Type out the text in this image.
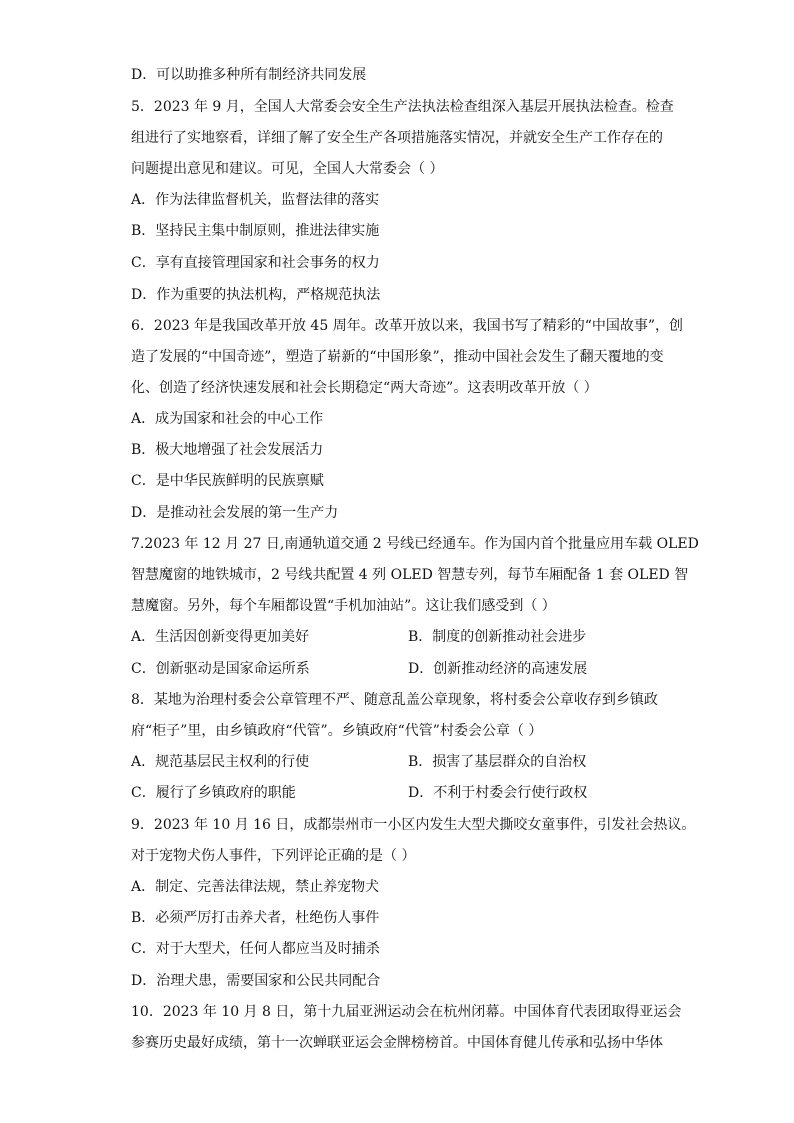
D．可以助推多种所有制经济共同发展
5．2023 年 9 月，全国人大常委会安全生产法执法检查组深入基层开展执法检查。检查
组进行了实地察看，详细了解了安全生产各项措施落实情况，并就安全生产工作存在的
问题提出意见和建议。可见，全国人大常委会（ ）
A．作为法律监督机关，监督法律的落实
B．坚持民主集中制原则，推进法律实施
C．享有直接管理国家和社会事务的权力
D．作为重要的执法机构，严格规范执法
6．2023 年是我国改革开放 45 周年。改革开放以来，我国书写了精彩的“中国故事”，创
造了发展的“中国奇迹”，塑造了崭新的“中国形象”，推动中国社会发生了翻天覆地的变
化、创造了经济快速发展和社会长期稳定“两大奇迹”。这表明改革开放（ ）
A．成为国家和社会的中心工作
B．极大地增强了社会发展活力
C．是中华民族鲜明的民族禀赋
D．是推动社会发展的第一生产力
7.2023 年 12 月 27 日,南通轨道交通 2 号线已经通车。作为国内首个批量应用车载 OLED
智慧魔窗的地铁城市，2 号线共配置 4 列 OLED 智慧专列，每节车厢配备 1 套 OLED 智
慧魔窗。另外，每个车厢都设置“手机加油站”。这让我们感受到（ ）
A．生活因创新变得更加美好	B．制度的创新推动社会进步
C．创新驱动是国家命运所系	D．创新推动经济的高速发展
8．某地为治理村委会公章管理不严、随意乱盖公章现象，将村委会公章收存到乡镇政
府“柜子”里，由乡镇政府“代管”。乡镇政府“代管”村委会公章（ ）
A．规范基层民主权利的行使	B．损害了基层群众的自治权
C．履行了乡镇政府的职能	D．不利于村委会行使行政权
9．2023 年 10 月 16 日，成都崇州市一小区内发生大型犬撕咬女童事件，引发社会热议。
对于宠物犬伤人事件，下列评论正确的是（ ）
A．制定、完善法律法规，禁止养宠物犬
B．必须严厉打击养犬者，杜绝伤人事件
C．对于大型犬，任何人都应当及时捕杀
D．治理犬患，需要国家和公民共同配合
10．2023 年 10 月 8 日，第十九届亚洲运动会在杭州闭幕。中国体育代表团取得亚运会
参赛历史最好成绩，第十一次蝉联亚运会金牌榜榜首。中国体育健儿传承和弘扬中华体
